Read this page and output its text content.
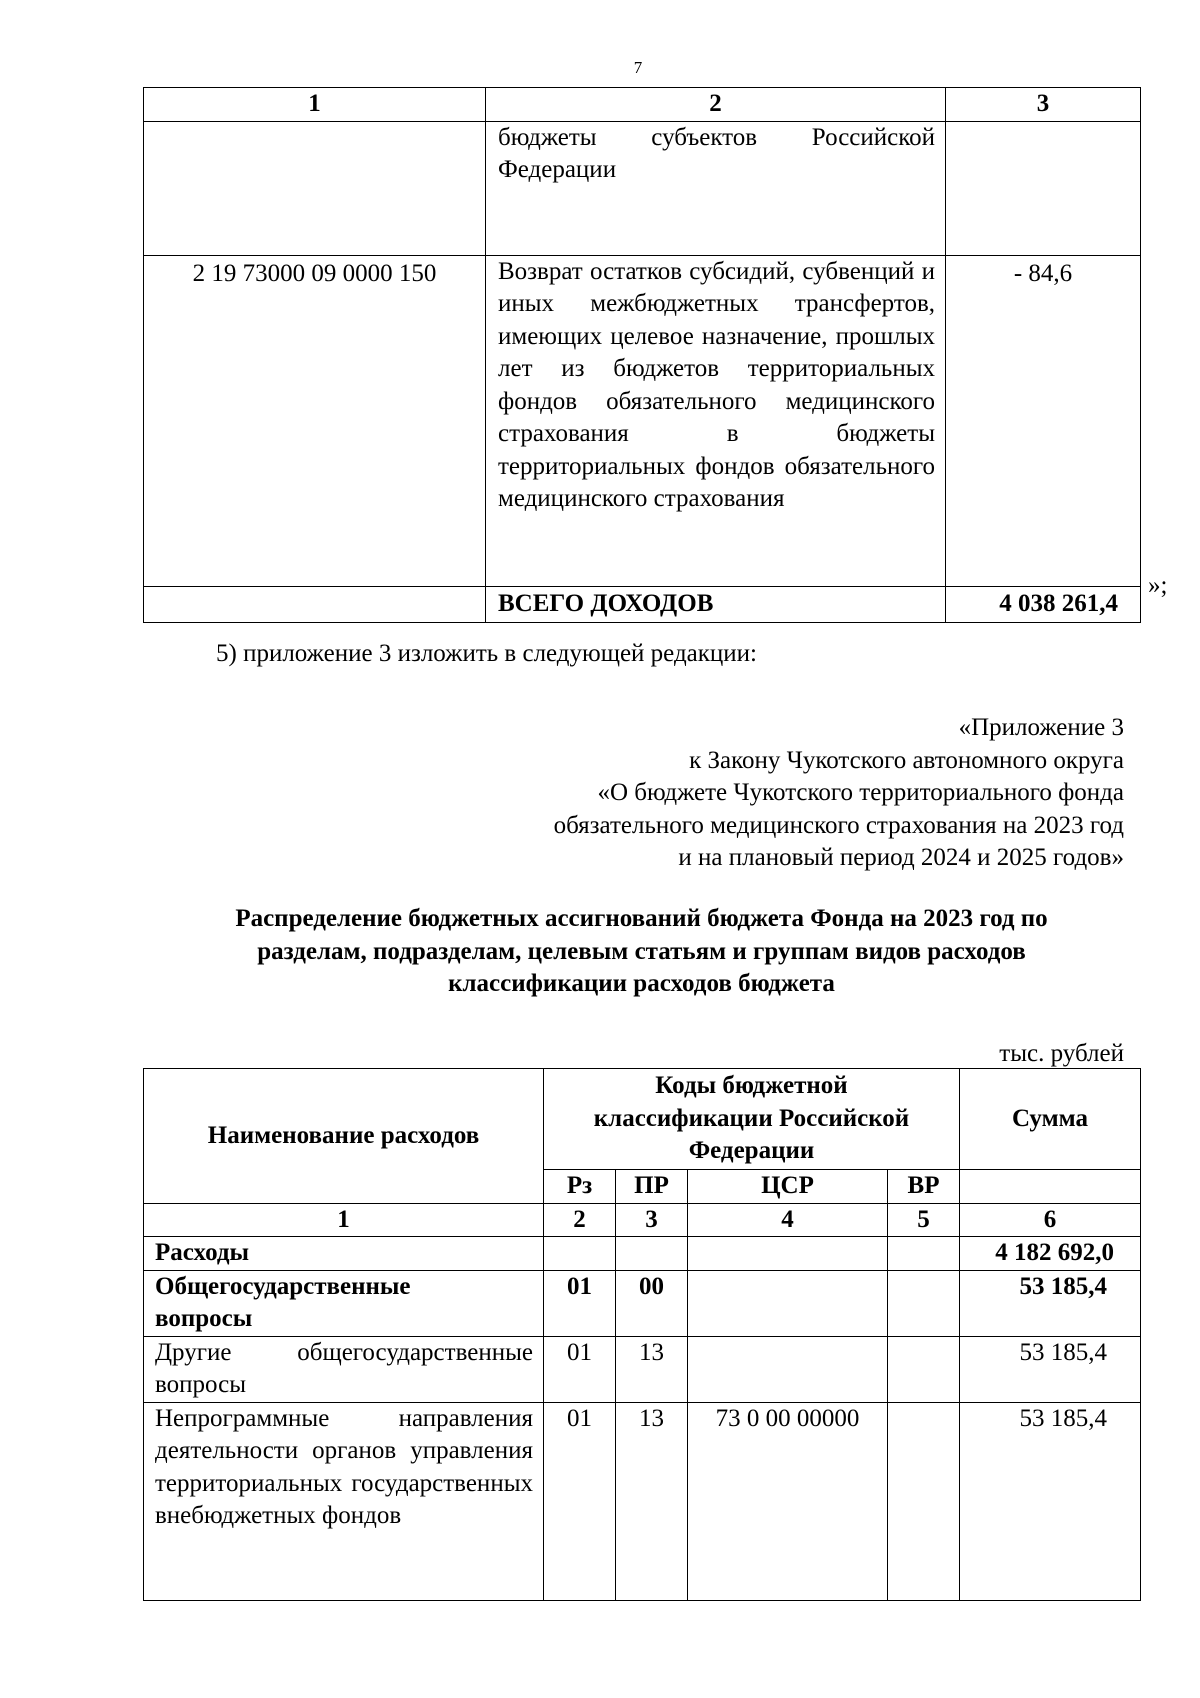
7
1	2	3
	бюджеты субъектов Российской Федерации	
2 19 73000 09 0000 150	Возврат остатков субсидий, субвенций и иных межбюджетных трансфертов, имеющих целевое назначение, прошлых лет из бюджетов территориальных фондов обязательного медицинского страхования в бюджеты территориальных фондов обязательного медицинского страхования	- 84,6
	ВСЕГО ДОХОДОВ	4 038 261,4
»;
5) приложение 3 изложить в следующей редакции:
«Приложение 3
к Закону Чукотского автономного округа
«О бюджете Чукотского территориального фонда
обязательного медицинского страхования на 2023 год
и на плановый период 2024 и 2025 годов»
Распределение бюджетных ассигнований бюджета Фонда на 2023 год по
разделам, подразделам, целевым статьям и группам видов расходов
классификации расходов бюджета
тыс. рублей
Наименование расходов	Коды бюджетной классификации Российской Федерации				Сумма
	Рз	ПР	ЦСР	ВР	
1	2	3	4	5	6
Расходы					4 182 692,0
Общегосударственные вопросы	01	00			53 185,4
Другие общегосударственные вопросы	01	13			53 185,4
Непрограммные направления деятельности органов управления территориальных государственных внебюджетных фондов	01	13	73 0 00 00000		53 185,4
